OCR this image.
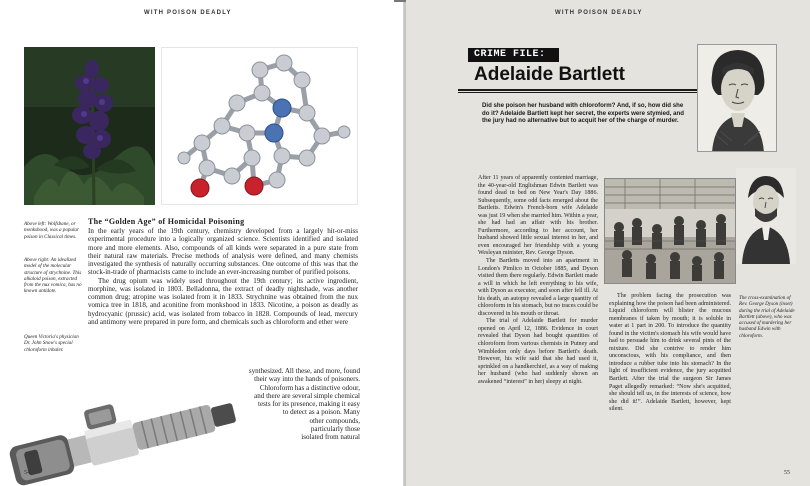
WITH POISON DEADLY
Above left: Wolfsbane, or monkshood, was a popular poison in Classical times.
Above right: An idealized model of the molecular structure of strychnine. This alkaloid poison, extracted from the nux vomica, has no known antidote.
Queen Victoria's physician Dr. John Snow's special chloroform inhaler.
The “Golden Age” of Homicidal Poisoning

In the early years of the 19th century, chemistry developed from a largely hit-or-miss experimental procedure into a logically organized science. Scientists identified and isolated more and more elements. Also, compounds of all kinds were separated in a pure state from their natural raw materials. Precise methods of analysis were defined, and many chemists investigated the synthesis of naturally occurring substances. One outcome of this was that the stock-in-trade of pharmacists came to include an ever-increasing number of purified poisons.

The drug opium was widely used throughout the 19th century; its active ingredient, morphine, was isolated in 1803. Belladonna, the extract of deadly nightshade, was another common drug; atropine was isolated from it in 1833. Strychnine was obtained from the nux vomica tree in 1818, and aconitine from monkshood in 1833. Nicotine, a poison as deadly as hydrocyanic (prussic) acid, was isolated from tobacco in 1828. Compounds of lead, mercury and antimony were prepared in pure form, and chemicals such as chloroform and ether were

synthesized. All these, and more, found

their way into the hands of poisoners.

Chloroform has a distinctive odour,

and there are several simple chemical

tests for its presence, making it easy

to detect as a poison. Many

other compounds,

particularly those

isolated from natural

54
WITH POISON DEADLY
CRIME FILE:
Adelaide Bartlett
Did she poison her husband with chloroform? And, if so, how did she do it? Adelaide Bartlett kept her secret, the experts were stymied, and the jury had no alternative but to acquit her of the charge of murder.

After 11 years of apparently contented marriage, the 40-year-old Englishman Edwin Bartlett was found dead in bed on New Year's Day 1886. Subsequently, some odd facts emerged about the Bartletts. Edwin's French-born wife Adelaide was just 19 when she married him. Within a year, she had had an affair with his brother. Furthermore, according to her account, her husband showed little sexual interest in her, and even encouraged her friendship with a young Wesleyan minister, Rev. George Dyson.

The Bartletts moved into an apartment in London's Pimlico in October 1885, and Dyson visited them there regularly. Edwin Bartlett made a will in which he left everything to his wife, with Dyson as executor, and soon after fell ill. At his death, an autopsy revealed a large quantity of chloroform in his stomach, but no traces could be discovered in his mouth or throat.

The trial of Adelaide Bartlett for murder opened on April 12, 1886. Evidence in court revealed that Dyson had bought quantities of chloroform from various chemists in Putney and Wimbledon only days before Bartlett's death. However, his wife said that she had used it, sprinkled on a handkerchief, as a way of making her husband (who had suddenly shown an awakened “interest” in her) sleepy at night.

The problem facing the prosecution was explaining how the poison had been administered. Liquid chloroform will blister the mucous membranes if taken by mouth; it is soluble in water at 1 part in 200. To introduce the quantity found in the victim's stomach his wife would have had to persuade him to drink several pints of the mixture. Did she contrive to render him unconscious, with his compliance, and then introduce a rubber tube into his stomach? In the light of insufficient evidence, the jury acquitted Bartlett. After the trial the surgeon Sir James Paget allegedly remarked: “Now she's acquitted, she should tell us, in the interests of science, how she did it!”. Adelaide Bartlett, however, kept silent.

The cross-examination of Rev. George Dyson (inset) during the trial of Adelaide Bartlett (above), who was accused of murdering her husband Edwin with chloroform.
55
